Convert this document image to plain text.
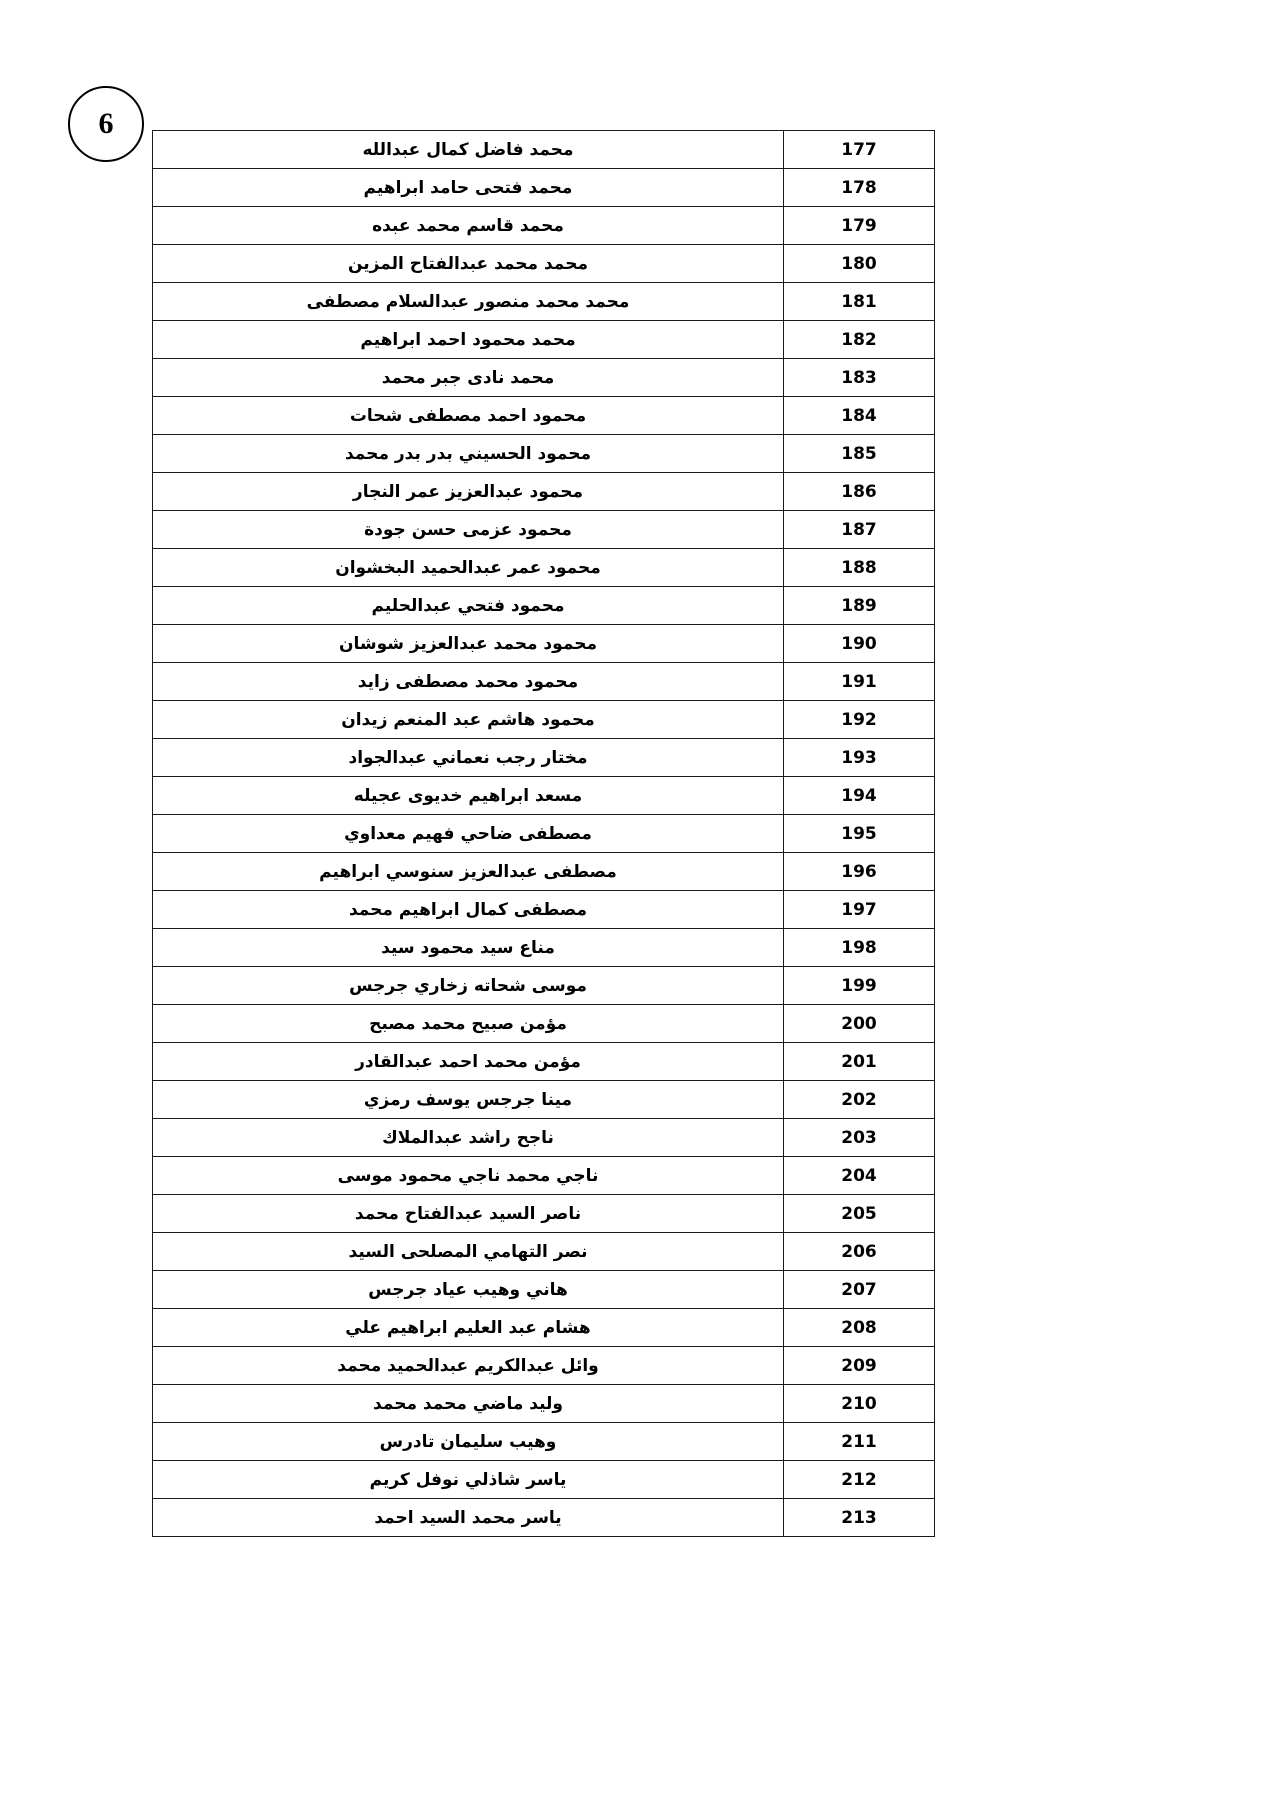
6
177	محمد فاضل كمال عبدالله
178	محمد فتحى حامد ابراهيم
179	محمد قاسم محمد عبده
180	محمد محمد عبدالفتاح المزين
181	محمد محمد منصور عبدالسلام مصطفى
182	محمد محمود احمد ابراهيم
183	محمد نادى جبر محمد
184	محمود احمد مصطفى شحات
185	محمود الحسيني بدر بدر محمد
186	محمود عبدالعزيز عمر النجار
187	محمود عزمى حسن جودة
188	محمود عمر عبدالحميد البخشوان
189	محمود فتحي عبدالحليم
190	محمود محمد عبدالعزيز شوشان
191	محمود محمد مصطفى زايد
192	محمود هاشم عبد المنعم زيدان
193	مختار رجب نعماني عبدالجواد
194	مسعد ابراهيم خديوى عجيله
195	مصطفى ضاحي فهيم معداوي
196	مصطفى عبدالعزيز سنوسي ابراهيم
197	مصطفى كمال ابراهيم محمد
198	مناع سيد محمود سيد
199	موسى شحاته زخاري جرجس
200	مؤمن صبيح محمد مصبح
201	مؤمن محمد احمد عبدالقادر
202	مينا جرجس يوسف رمزي
203	ناجح راشد عبدالملاك
204	ناجي محمد ناجي محمود موسى
205	ناصر السيد عبدالفتاح محمد
206	نصر التهامي المصلحى السيد
207	هاني وهيب عياد جرجس
208	هشام عبد العليم ابراهيم علي
209	وائل عبدالكريم عبدالحميد محمد
210	وليد ماضي محمد محمد
211	وهيب سليمان تادرس
212	ياسر شاذلي نوفل كريم
213	ياسر محمد السيد احمد
